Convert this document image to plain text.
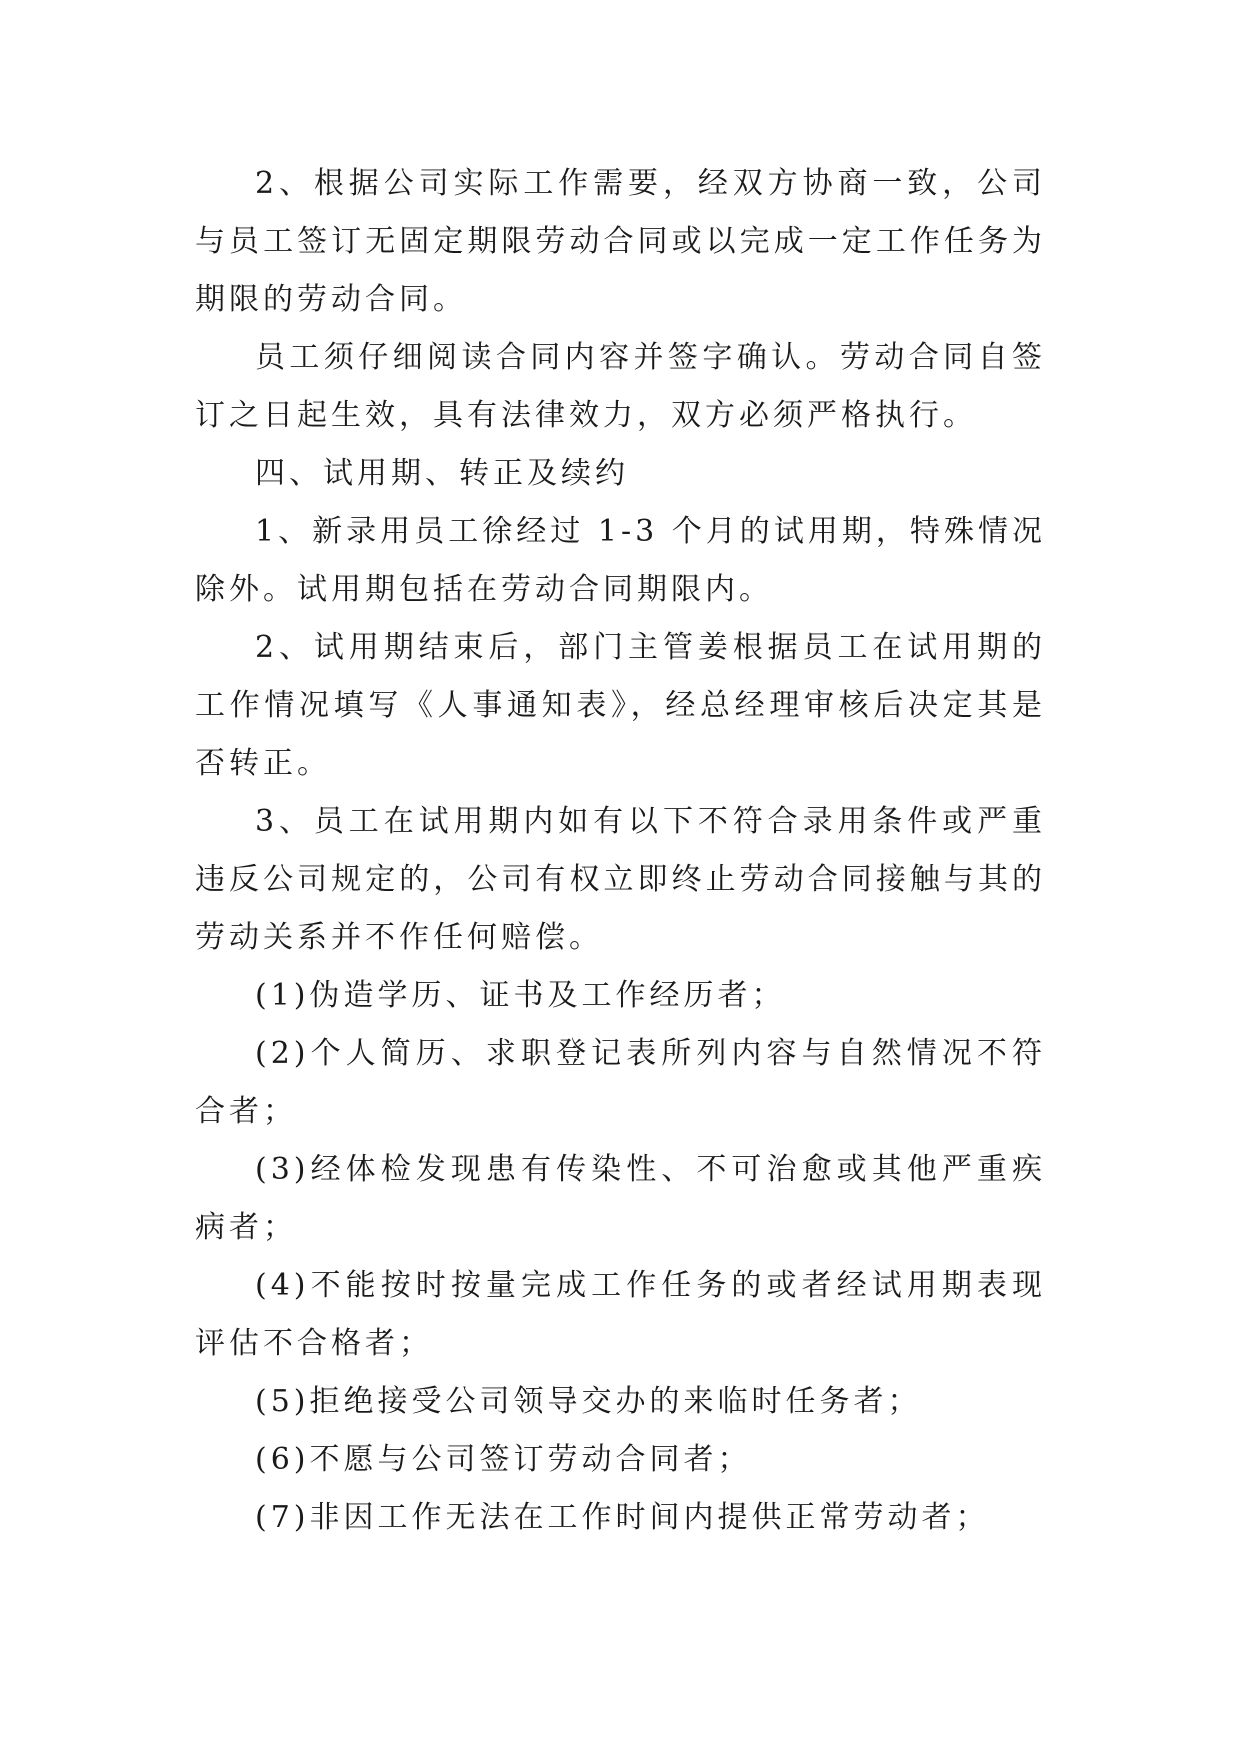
2、根据公司实际工作需要，经双方协商一致，公司与员工签订无固定期限劳动合同或以完成一定工作任务为期限的劳动合同。

员工须仔细阅读合同内容并签字确认。劳动合同自签订之日起生效，具有法律效力，双方必须严格执行。

四、试用期、转正及续约

1、新录用员工徐经过 1-3 个月的试用期，特殊情况除外。试用期包括在劳动合同期限内。

2、试用期结束后，部门主管姜根据员工在试用期的工作情况填写《人事通知表》，经总经理审核后决定其是否转正。

3、员工在试用期内如有以下不符合录用条件或严重违反公司规定的，公司有权立即终止劳动合同接触与其的劳动关系并不作任何赔偿。

(1)伪造学历、证书及工作经历者；

(2)个人简历、求职登记表所列内容与自然情况不符合者；

(3)经体检发现患有传染性、不可治愈或其他严重疾病者；

(4)不能按时按量完成工作任务的或者经试用期表现评估不合格者；

(5)拒绝接受公司领导交办的来临时任务者；

(6)不愿与公司签订劳动合同者；

(7)非因工作无法在工作时间内提供正常劳动者；
